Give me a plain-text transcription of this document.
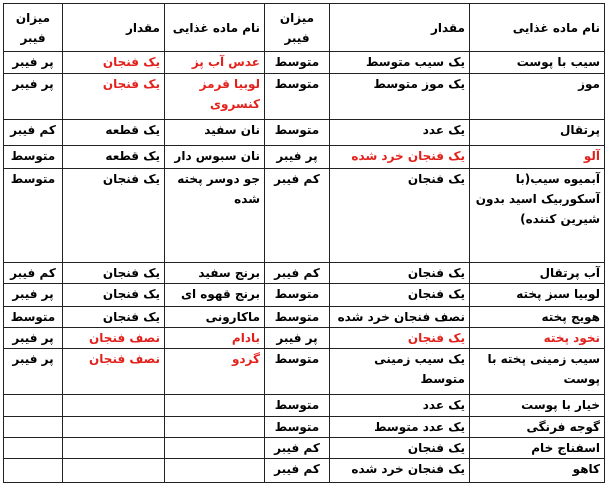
نام ماده غذایی	مقدار	میزان فیبر	نام ماده غذایی	مقدار	میزان فیبر
سیب با پوست	یک سیب متوسط	متوسط	عدس آب پز	یک فنجان	پر فیبر
موز	یک موز متوسط	متوسط	لوبیا قرمز کنسروی	یک فنجان	پر فیبر
پرتقال	یک عدد	متوسط	نان سفید	یک قطعه	کم فیبر
آلو	یک فنجان خرد شده	پر فیبر	نان سبوس دار	یک قطعه	متوسط
آبمیوه سیب(با آسکوربیک اسید بدون شیرین کننده)	یک فنجان	کم فیبر	جو دوسر پخته شده	یک فنجان	متوسط
آب پرتقال	یک فنجان	کم فیبر	برنج سفید	یک فنجان	کم فیبر
لوبیا سبز پخته	یک فنجان	متوسط	برنج قهوه ای	یک فنجان	پر فیبر
هویج پخته	نصف فنجان خرد شده	متوسط	ماکارونی	یک فنجان	متوسط
نخود پخته	یک فنجان	پر فیبر	بادام	نصف فنجان	پر فیبر
سیب زمینی پخته با پوست	یک سیب زمینی متوسط	متوسط	گردو	نصف فنجان	پر فیبر
خیار با پوست	یک عدد	متوسط			
گوجه فرنگی	یک عدد متوسط	متوسط			
اسفناج خام	یک فنجان	کم فیبر			
کاهو	یک فنجان خرد شده	کم فیبر			
